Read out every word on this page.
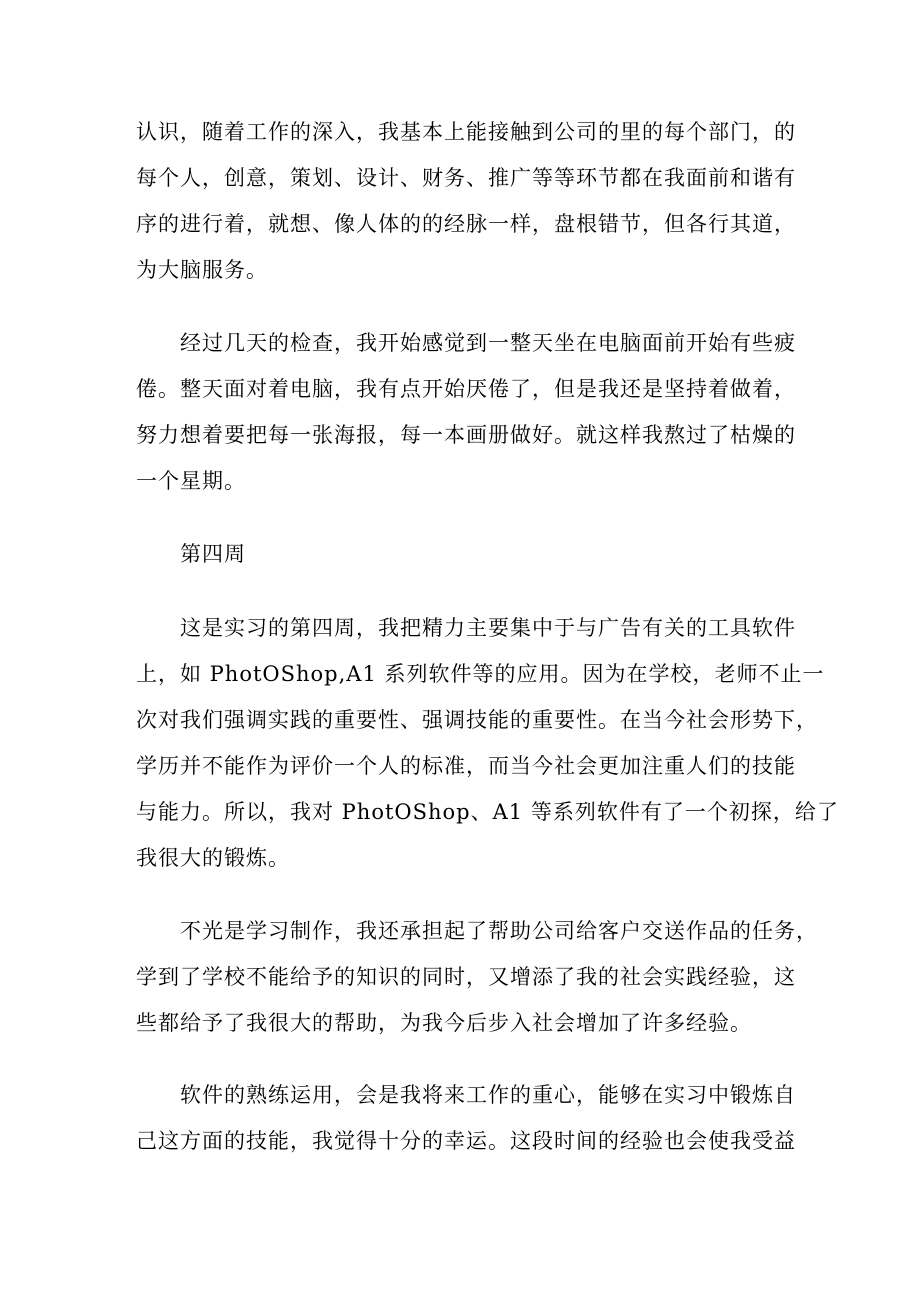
认识，随着工作的深入，我基本上能接触到公司的里的每个部门，的
每个人，创意，策划、设计、财务、推广等等环节都在我面前和谐有
序的进行着，就想、像人体的的经脉一样，盘根错节，但各行其道，
为大脑服务。
经过几天的检查，我开始感觉到一整天坐在电脑面前开始有些疲
倦。整天面对着电脑，我有点开始厌倦了，但是我还是坚持着做着，
努力想着要把每一张海报，每一本画册做好。就这样我熬过了枯燥的
一个星期。
第四周
这是实习的第四周，我把精力主要集中于与广告有关的工具软件
上，如 PhotOShop,A1 系列软件等的应用。因为在学校，老师不止一
次对我们强调实践的重要性、强调技能的重要性。在当今社会形势下，
学历并不能作为评价一个人的标准，而当今社会更加注重人们的技能
与能力。所以，我对 PhotOShop、A1 等系列软件有了一个初探，给了
我很大的锻炼。
不光是学习制作，我还承担起了帮助公司给客户交送作品的任务，
学到了学校不能给予的知识的同时，又增添了我的社会实践经验，这
些都给予了我很大的帮助，为我今后步入社会增加了许多经验。
软件的熟练运用，会是我将来工作的重心，能够在实习中锻炼自
己这方面的技能，我觉得十分的幸运。这段时间的经验也会使我受益
